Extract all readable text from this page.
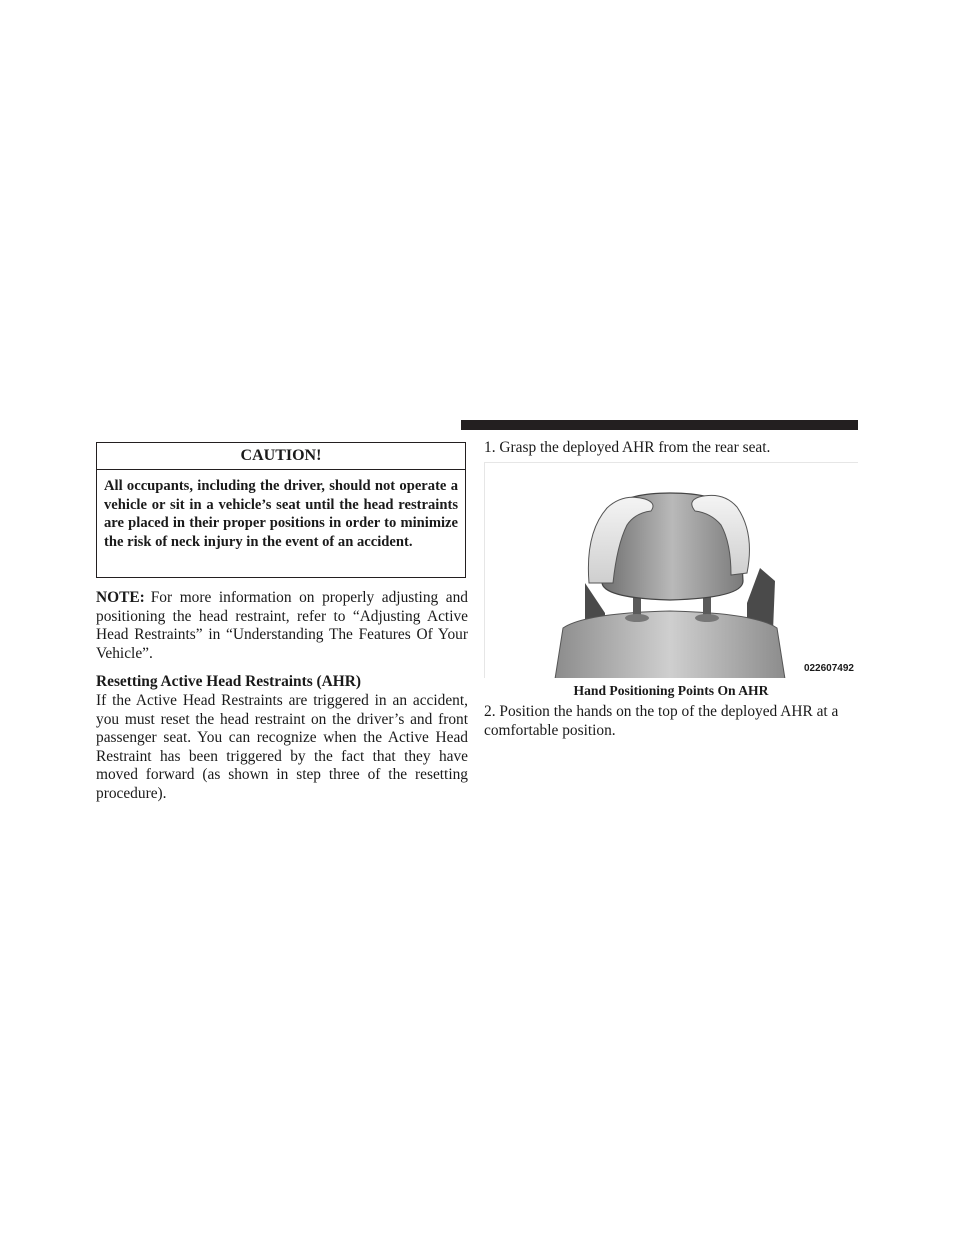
CAUTION!
All occupants, including the driver, should not operate a vehicle or sit in a vehicle’s seat until the head restraints are placed in their proper positions in order to minimize the risk of neck injury in the event of an accident.
NOTE: For more information on properly adjusting and positioning the head restraint, refer to “Adjusting Active Head Restraints” in “Understanding The Features Of Your Vehicle”.
Resetting Active Head Restraints (AHR)
If the Active Head Restraints are triggered in an accident, you must reset the head restraint on the driver’s and front passenger seat. You can recognize when the Active Head Restraint has been triggered by the fact that they have moved forward (as shown in step three of the resetting procedure).
1. Grasp the deployed AHR from the rear seat.
022607492
Hand Positioning Points On AHR
2. Position the hands on the top of the deployed AHR at a comfortable position.
